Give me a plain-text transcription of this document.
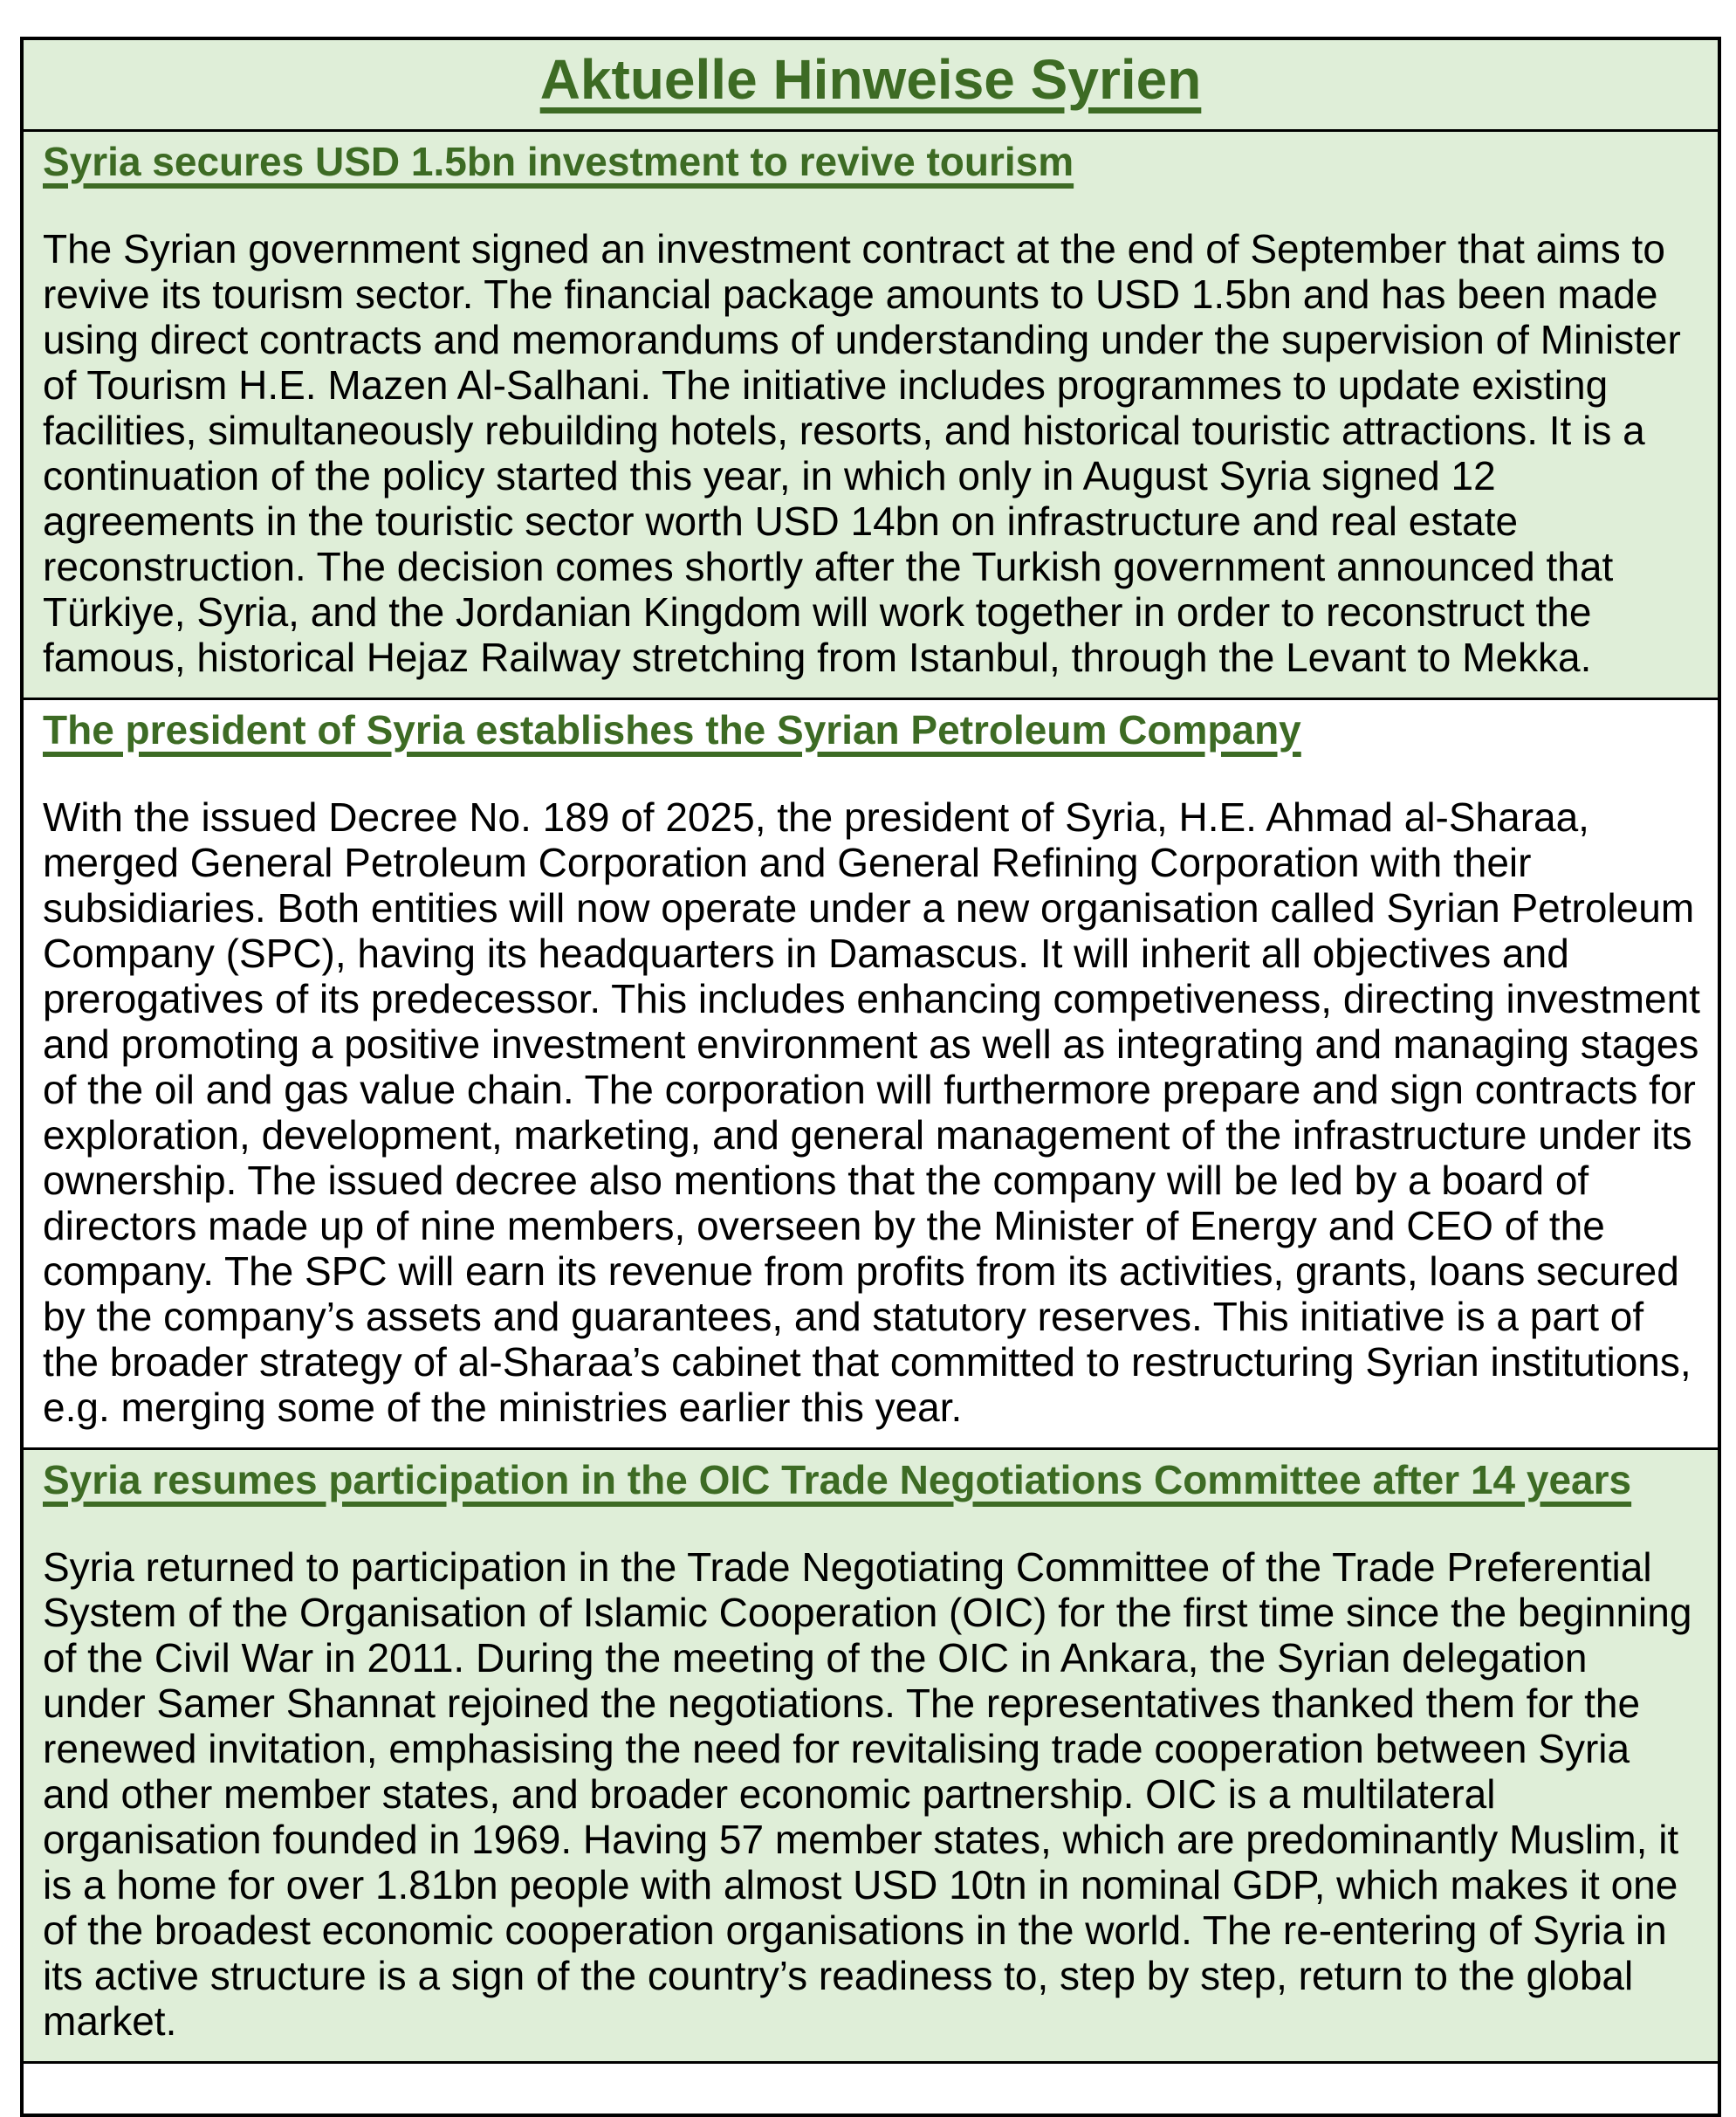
Aktuelle Hinweise Syrien
Syria secures USD 1.5bn investment to revive tourism
The Syrian government signed an investment contract at the end of September that aims to revive its tourism sector. The financial package amounts to USD 1.5bn and has been made using direct contracts and memorandums of understanding under the supervision of Minister of Tourism H.E. Mazen Al-Salhani. The initiative includes programmes to update existing facilities, simultaneously rebuilding hotels, resorts, and historical touristic attractions. It is a continuation of the policy started this year, in which only in August Syria signed 12 agreements in the touristic sector worth USD 14bn on infrastructure and real estate reconstruction. The decision comes shortly after the Turkish government announced that Türkiye, Syria, and the Jordanian Kingdom will work together in order to reconstruct the famous, historical Hejaz Railway stretching from Istanbul, through the Levant to Mekka.
The president of Syria establishes the Syrian Petroleum Company
With the issued Decree No. 189 of 2025, the president of Syria, H.E. Ahmad al-Sharaa, merged General Petroleum Corporation and General Refining Corporation with their subsidiaries. Both entities will now operate under a new organisation called Syrian Petroleum Company (SPC), having its headquarters in Damascus. It will inherit all objectives and prerogatives of its predecessor. This includes enhancing competiveness, directing investment and promoting a positive investment environment as well as integrating and managing stages of the oil and gas value chain. The corporation will furthermore prepare and sign contracts for exploration, development, marketing, and general management of the infrastructure under its ownership. The issued decree also mentions that the company will be led by a board of directors made up of nine members, overseen by the Minister of Energy and CEO of the company. The SPC will earn its revenue from profits from its activities, grants, loans secured by the company’s assets and guarantees, and statutory reserves. This initiative is a part of the broader strategy of al-Sharaa’s cabinet that committed to restructuring Syrian institutions, e.g. merging some of the ministries earlier this year.
Syria resumes participation in the OIC Trade Negotiations Committee after 14 years
Syria returned to participation in the Trade Negotiating Committee of the Trade Preferential System of the Organisation of Islamic Cooperation (OIC) for the first time since the beginning of the Civil War in 2011. During the meeting of the OIC in Ankara, the Syrian delegation under Samer Shannat rejoined the negotiations. The representatives thanked them for the renewed invitation, emphasising the need for revitalising trade cooperation between Syria and other member states, and broader economic partnership. OIC is a multilateral organisation founded in 1969. Having 57 member states, which are predominantly Muslim, it is a home for over 1.81bn people with almost USD 10tn in nominal GDP, which makes it one of the broadest economic cooperation organisations in the world. The re-entering of Syria in its active structure is a sign of the country’s readiness to, step by step, return to the global market.
